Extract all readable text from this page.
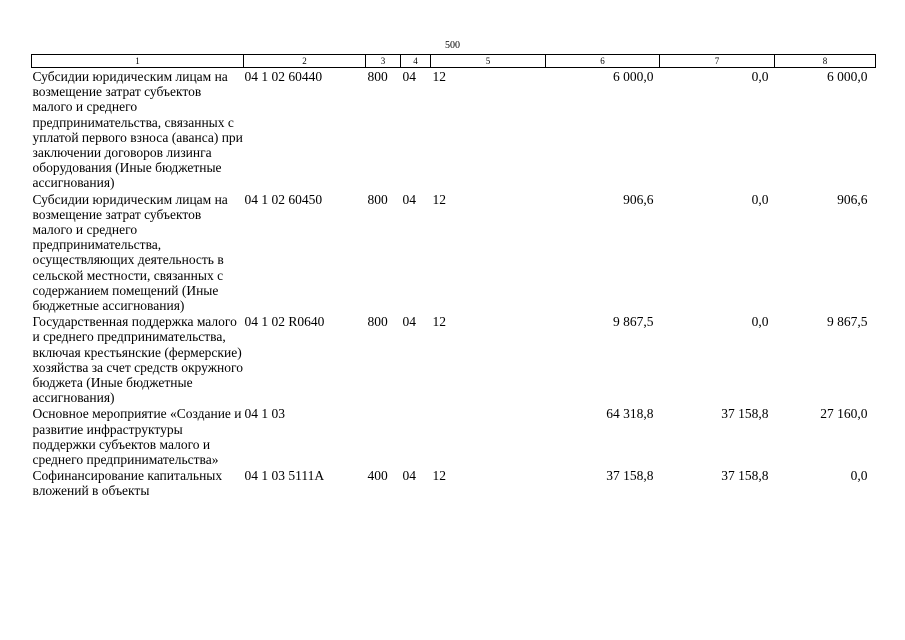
500
1	2	3	4	5	6	7	8
Субсидии юридическим лицам на возмещение затрат субъектов малого и среднего предпринимательства, связанных с уплатой первого взноса (аванса) при заключении договоров лизинга оборудования (Иные бюджетные ассигнования)	04 1 02 60440	800	04	12	6 000,0	0,0	6 000,0
Субсидии юридическим лицам на возмещение затрат субъектов малого и среднего предпринимательства, осуществляющих деятельность в сельской местности, связанных с содержанием помещений (Иные бюджетные ассигнования)	04 1 02 60450	800	04	12	906,6	0,0	906,6
Государственная поддержка малого и среднего предпринимательства, включая крестьянские (фермерские) хозяйства за счет средств окружного бюджета (Иные бюджетные ассигнования)	04 1 02 R0640	800	04	12	9 867,5	0,0	9 867,5
Основное мероприятие «Создание и развитие инфраструктуры поддержки субъектов малого и среднего предпринимательства»	04 1 03				64 318,8	37 158,8	27 160,0
Софинансирование капитальных вложений в объекты	04 1 03 5111А	400	04	12	37 158,8	37 158,8	0,0
